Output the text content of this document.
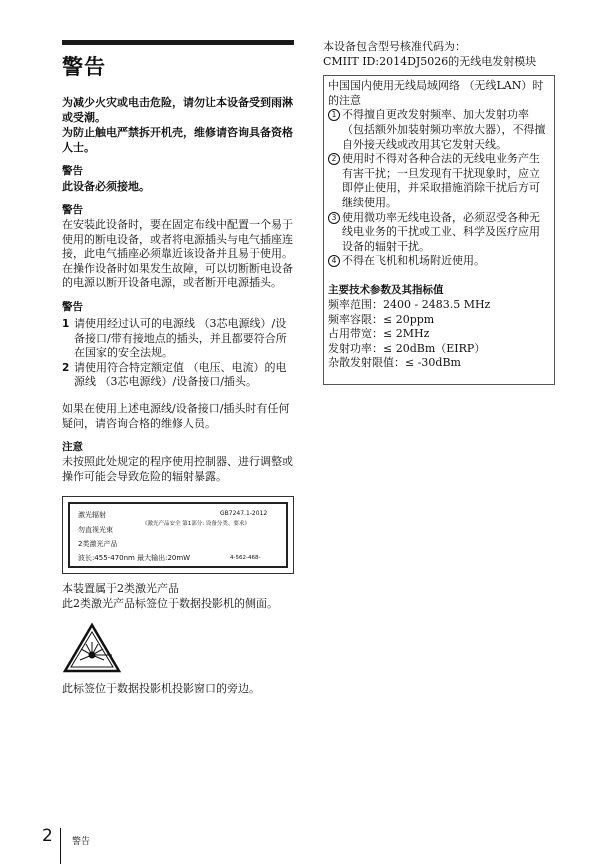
警告
为减少火灾或电击危险，请勿让本设备受到雨淋或受潮。
为防止触电严禁拆开机壳，维修请咨询具备资格人士。
警告
此设备必须接地。
警告

在安装此设备时，要在固定布线中配置一个易于使用的断电设备，或者将电源插头与电气插座连接，此电气插座必须靠近该设备并且易于使用。在操作设备时如果发生故障，可以切断断电设备的电源以断开设备电源，或者断开电源插头。

警告
1 请使用经过认可的电源线 （3芯电源线）/设备接口/带有接地点的插头，并且都要符合所在国家的安全法规。
2 请使用符合特定额定值 （电压、电流）的电源线 （3芯电源线）/设备接口/插头。

如果在使用上述电源线/设备接口/插头时有任何疑问，请咨询合格的维修人员。

注意

未按照此处规定的程序使用控制器、进行调整或操作可能会导致危险的辐射暴露。

激光辐射
勿直视光束
2类激光产品
波长:455-470nm 最大输出:20mW
GB7247.1-2012
《激光产品安全 第1部分: 设备分类、要求》
4-562-468-

本装置属于2类激光产品

此2类激光产品标签位于数据投影机的侧面。

此标签位于数据投影机投影窗口的旁边。

本设备包含型号核准代码为：

CMIIT ID:2014DJ5026的无线电发射模块

中国国内使用无线局域网络 （无线LAN）时的注意

1 不得擅自更改发射频率、加大发射功率 （包括额外加装射频功率放大器），不得擅自外接天线或改用其它发射天线。
2 使用时不得对各种合法的无线电业务产生有害干扰；一旦发现有干扰现象时，应立即停止使用，并采取措施消除干扰后方可继续使用。
3 使用微功率无线电设备，必须忍受各种无线电业务的干扰或工业、科学及医疗应用设备的辐射干扰。
4 不得在飞机和机场附近使用。
主要技术参数及其指标值

频率范围：2400 - 2483.5 MHz

频率容限：≤ 20ppm

占用带宽：≤ 2MHz

发射功率：≤ 20dBm（EIRP）

杂散发射限值：≤ -30dBm

2 警告
